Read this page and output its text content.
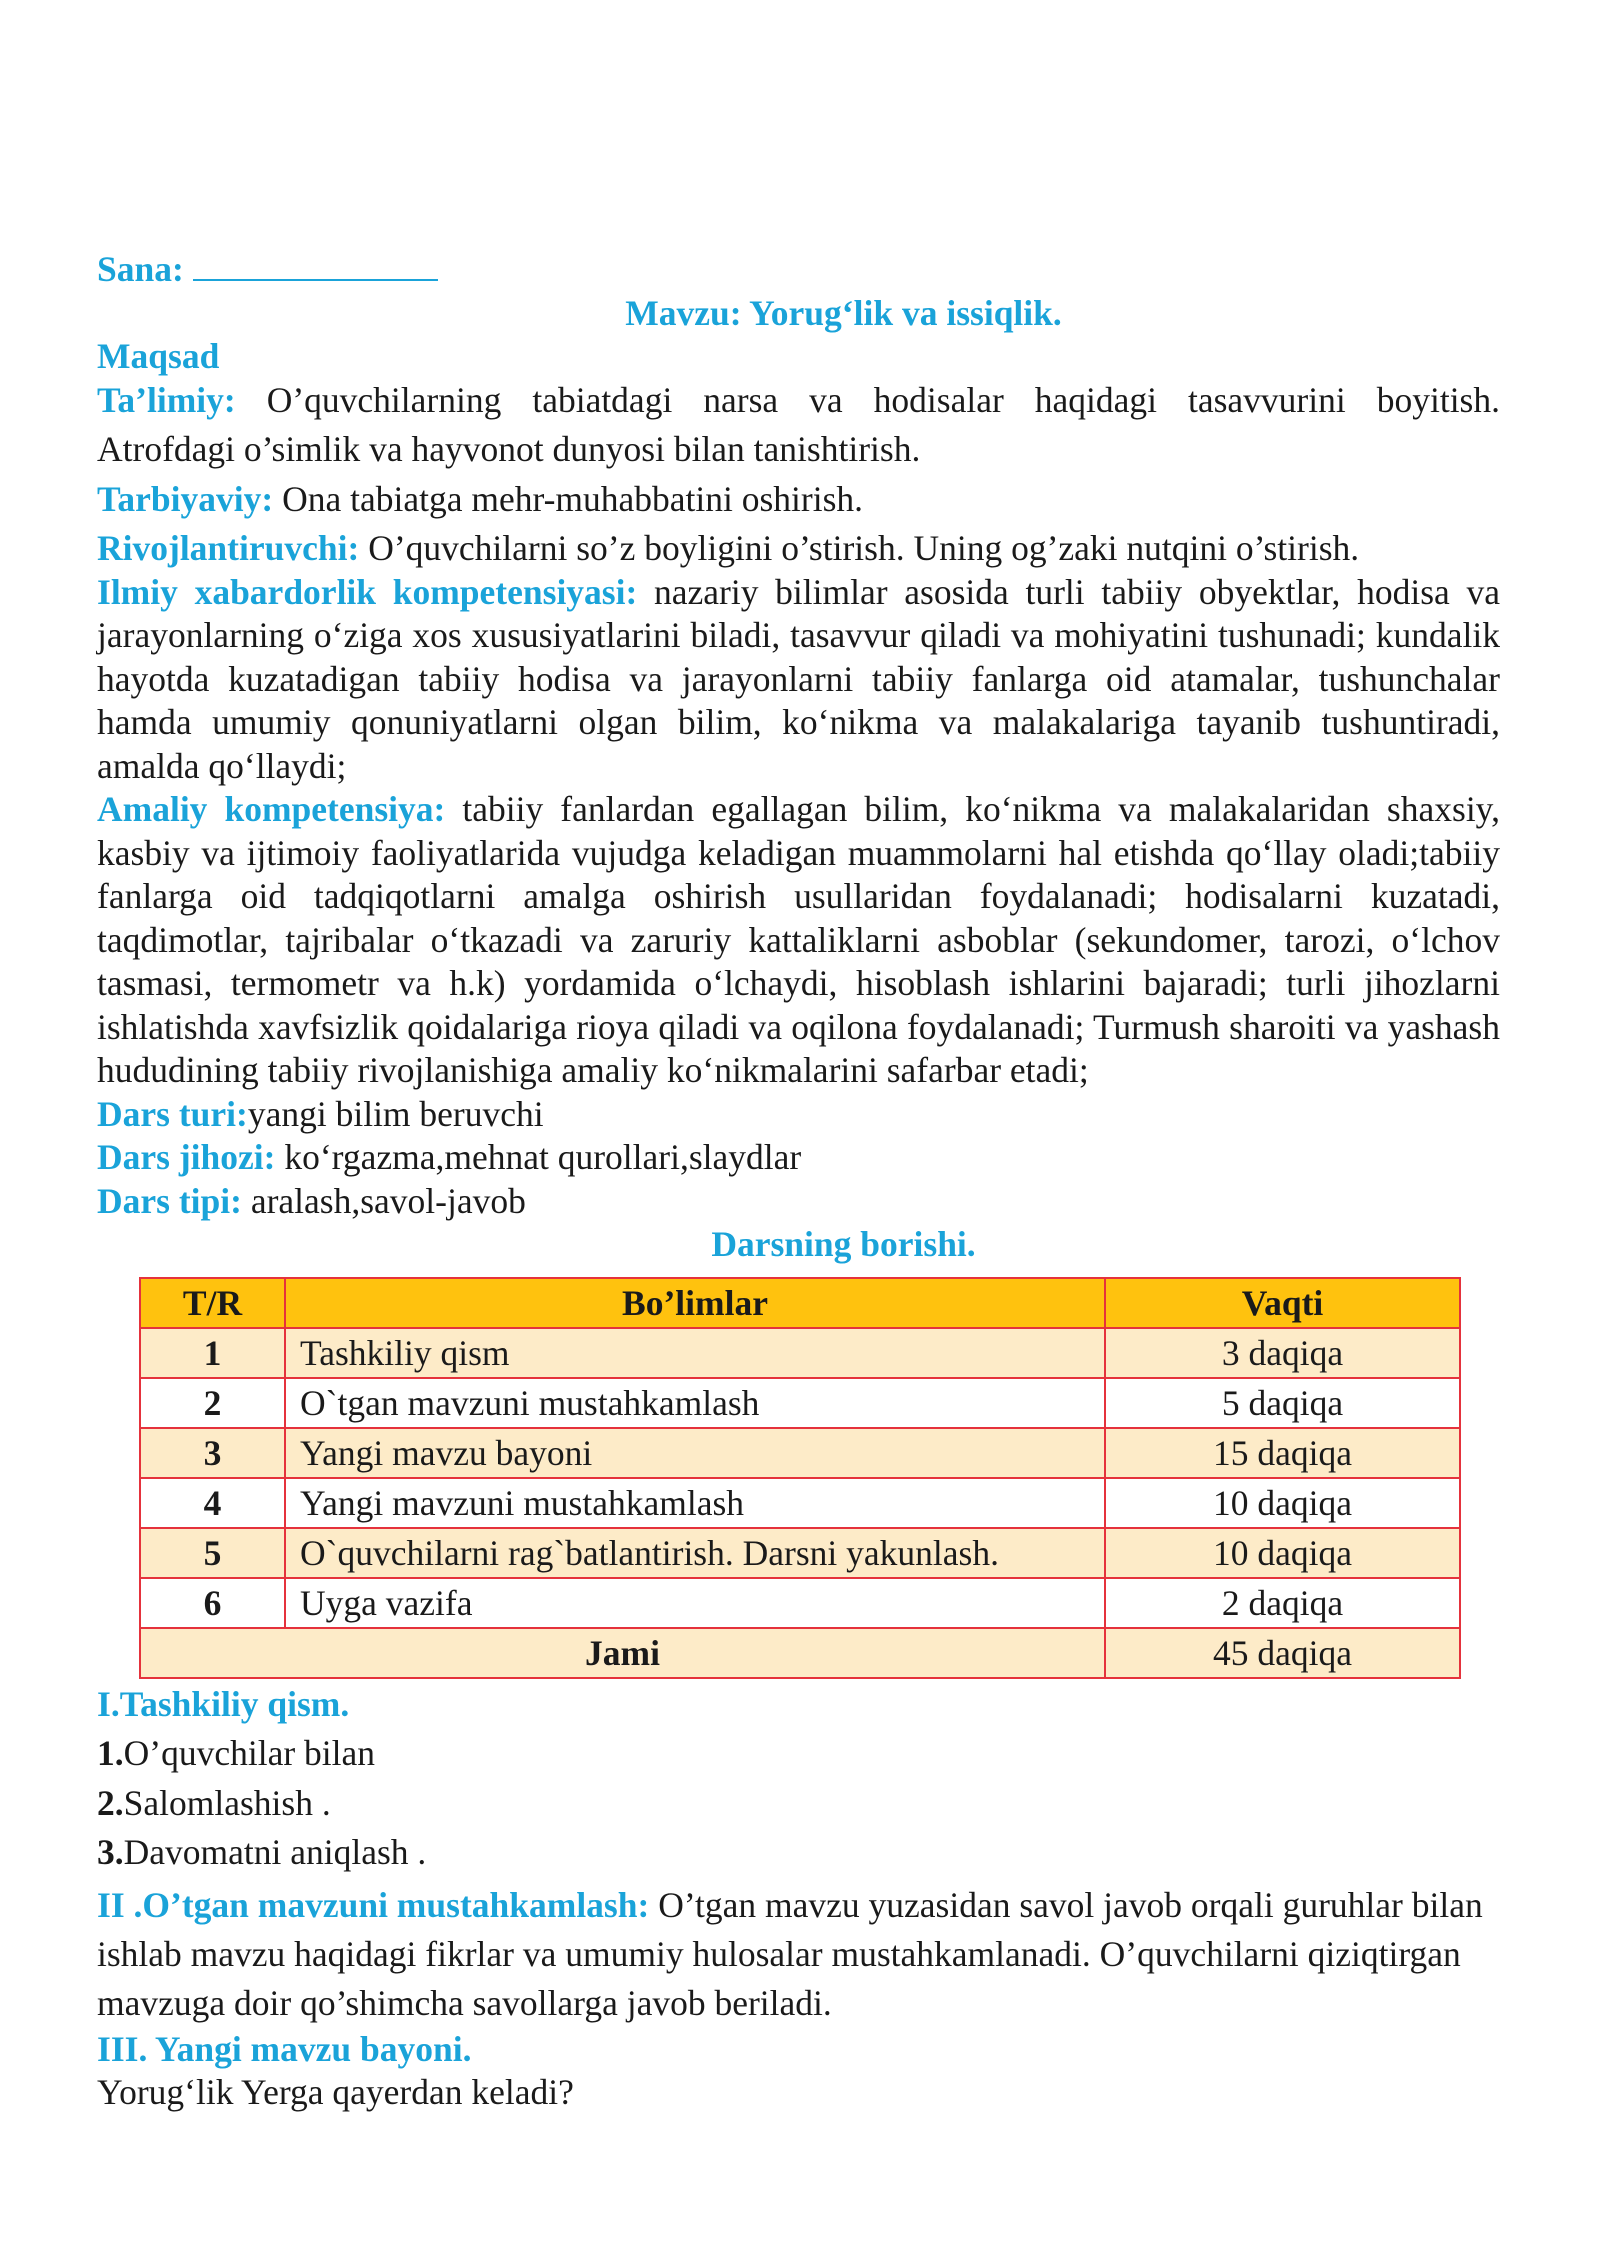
Sana:

Mavzu: Yorug‘lik va issiqlik.

Maqsad

Ta’limiy: O’quvchilarning tabiatdagi narsa va hodisalar haqidagi tasavvurini boyitish.

Atrofdagi o’simlik va hayvonot dunyosi bilan tanishtirish.

Tarbiyaviy: Ona tabiatga mehr-muhabbatini oshirish.

Rivojlantiruvchi: O’quvchilarni so’z boyligini o’stirish. Uning og’zaki nutqini o’stirish.

Ilmiy xabardorlik kompetensiyasi: nazariy bilimlar asosida turli tabiiy obyektlar, hodisa va jarayonlarning o‘ziga xos xususiyatlarini biladi, tasavvur qiladi va mohiyatini tushunadi; kundalik hayotda kuzatadigan tabiiy hodisa va jarayonlarni tabiiy fanlarga oid atamalar, tushunchalar hamda umumiy qonuniyatlarni olgan bilim, ko‘nikma va malakalariga tayanib tushuntiradi, amalda qo‘llaydi;

Amaliy kompetensiya: tabiiy fanlardan egallagan bilim, ko‘nikma va malakalaridan shaxsiy, kasbiy va ijtimoiy faoliyatlarida vujudga keladigan muammolarni hal etishda qo‘llay oladi;tabiiy fanlarga oid tadqiqotlarni amalga oshirish usullaridan foydalanadi; hodisalarni kuzatadi, taqdimotlar, tajribalar o‘tkazadi va zaruriy kattaliklarni asboblar (sekundomer, tarozi, o‘lchov tasmasi, termometr va h.k) yordamida o‘lchaydi, hisoblash ishlarini bajaradi; turli jihozlarni ishlatishda xavfsizlik qoidalariga rioya qiladi va oqilona foydalanadi; Turmush sharoiti va yashash hududining tabiiy rivojlanishiga amaliy ko‘nikmalarini safarbar etadi;

Dars turi:yangi bilim beruvchi

Dars jihozi: ko‘rgazma,mehnat qurollari,slaydlar

Dars tipi: aralash,savol-javob

Darsning borishi.

T/R	Bo’limlar	Vaqti
1	Tashkiliy qism	3 daqiqa
2	O`tgan mavzuni mustahkamlash	5 daqiqa
3	Yangi mavzu bayoni	15 daqiqa
4	Yangi mavzuni mustahkamlash	10 daqiqa
5	O`quvchilarni rag`batlantirish. Darsni yakunlash.	10 daqiqa
6	Uyga vazifa	2 daqiqa
Jami		45 daqiqa

I.Tashkiliy qism.

1.O’quvchilar bilan

2.Salomlashish .

3.Davomatni aniqlash .

II .O’tgan mavzuni mustahkamlash: O’tgan mavzu yuzasidan savol javob orqali guruhlar bilan ishlab mavzu haqidagi fikrlar va umumiy hulosalar mustahkamlanadi. O’quvchilarni qiziqtirgan mavzuga doir qo’shimcha savollarga javob beriladi.

III. Yangi mavzu bayoni.

Yorug‘lik Yerga qayerdan keladi?
